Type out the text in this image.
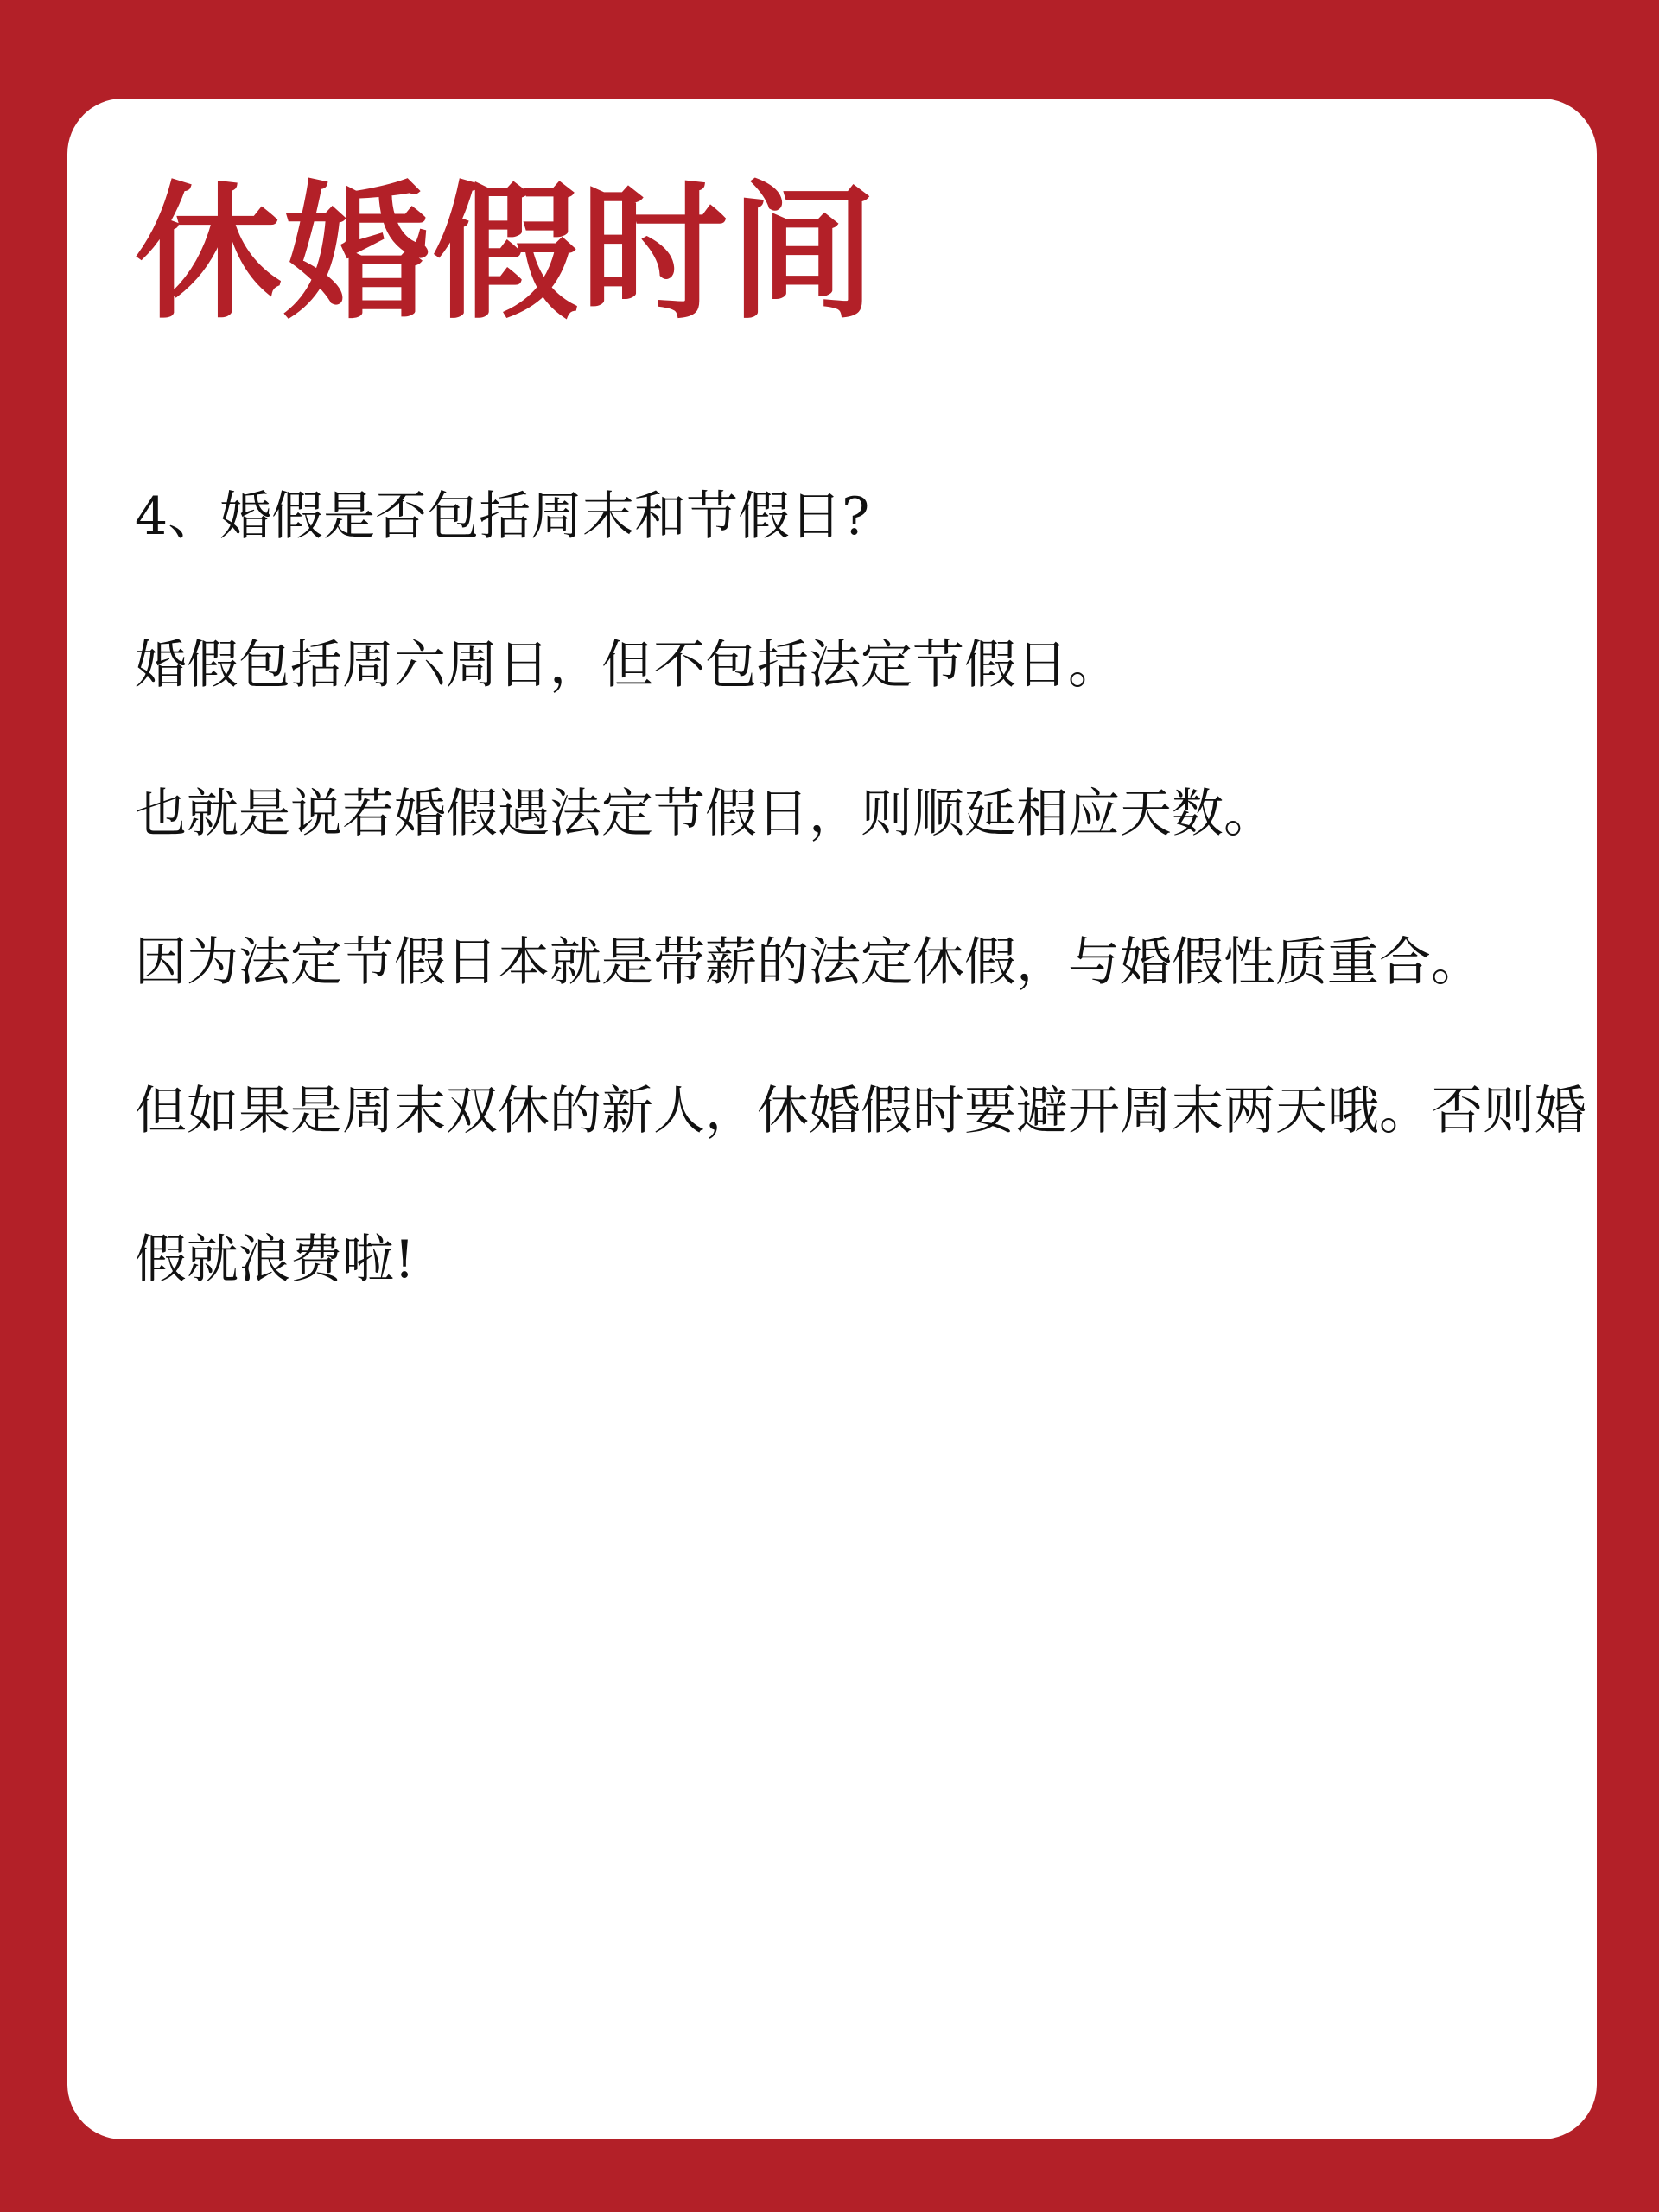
休婚假时间

4、婚假是否包括周末和节假日?

婚假包括周六周日，但不包括法定节假日。

也就是说若婚假遇法定节假日，则顺延相应天数。

因为法定节假日本就是带薪的法定休假，与婚假性质重合。

但如果是周末双休的新人，休婚假时要避开周末两天哦。否则婚假就浪费啦!
